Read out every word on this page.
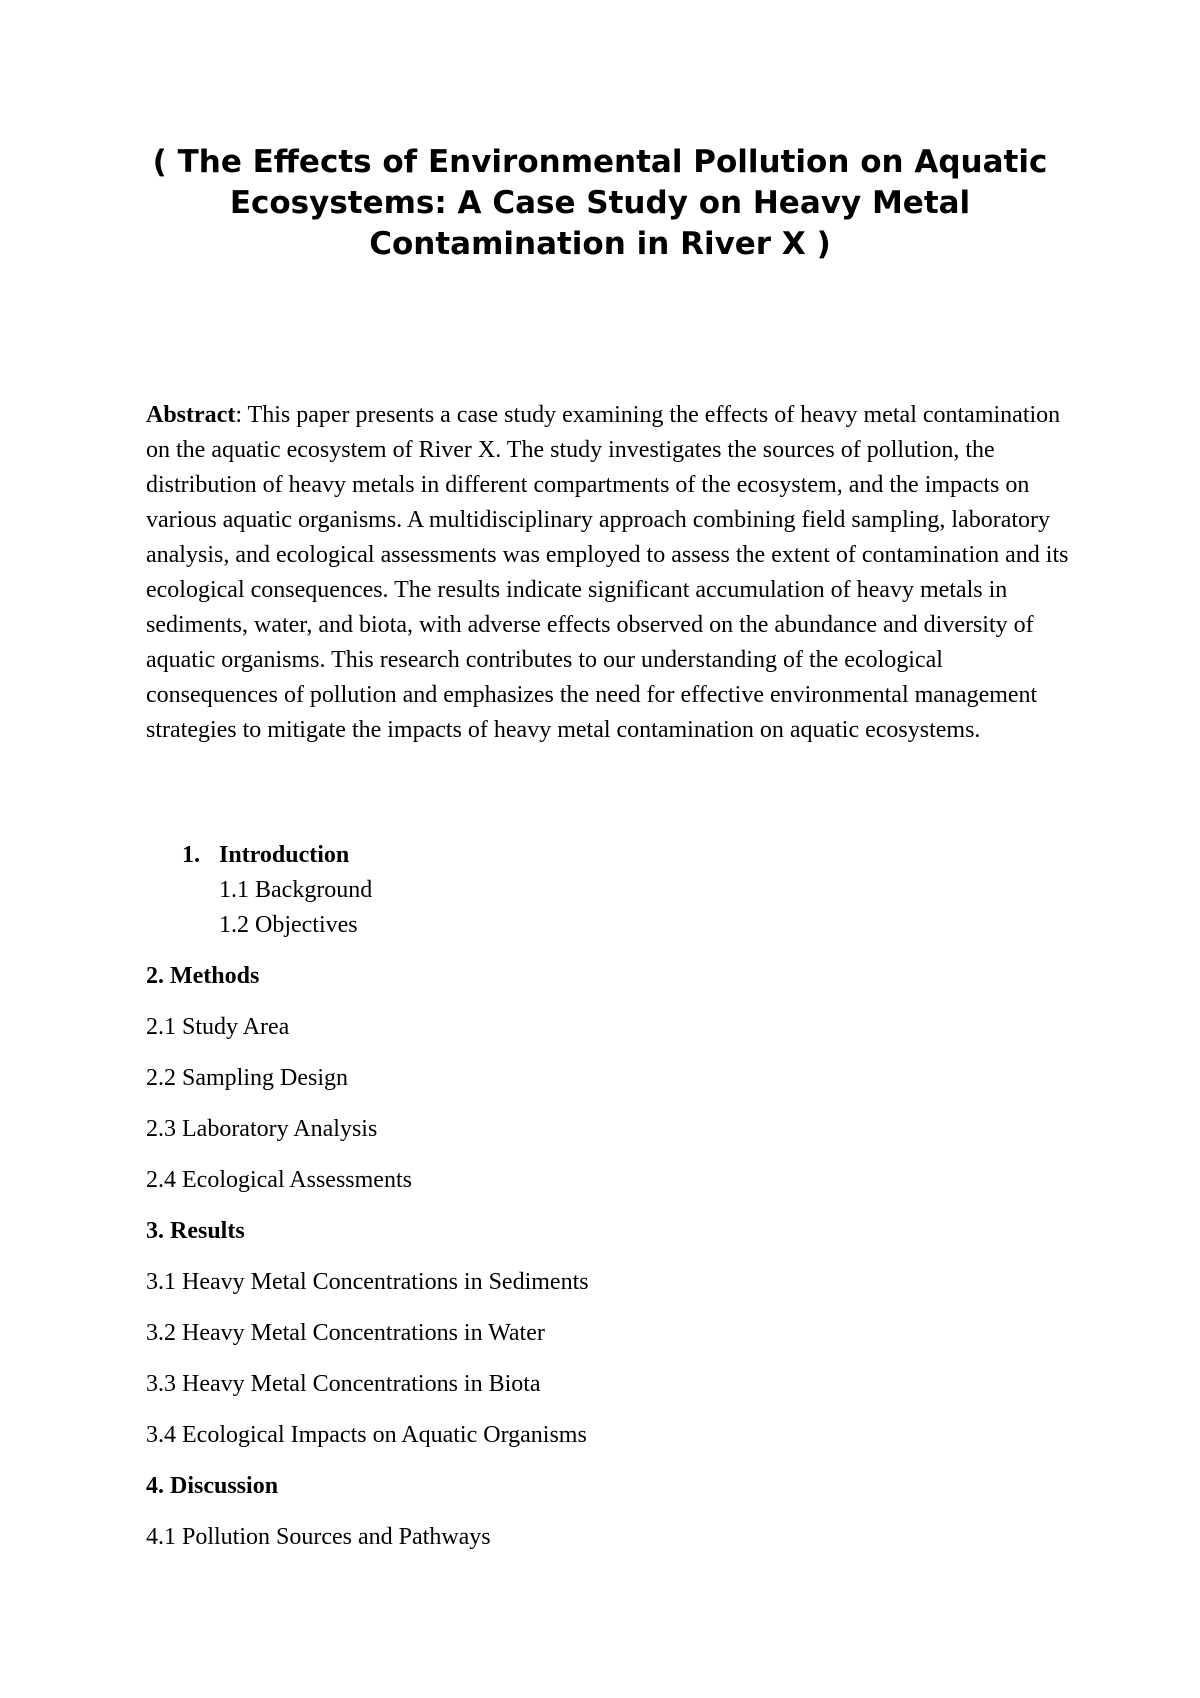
( The Effects of Environmental Pollution on Aquatic Ecosystems: A Case Study on Heavy Metal Contamination in River X )

Abstract: This paper presents a case study examining the effects of heavy metal contamination on the aquatic ecosystem of River X. The study investigates the sources of pollution, the distribution of heavy metals in different compartments of the ecosystem, and the impacts on various aquatic organisms. A multidisciplinary approach combining field sampling, laboratory analysis, and ecological assessments was employed to assess the extent of contamination and its ecological consequences. The results indicate significant accumulation of heavy metals in sediments, water, and biota, with adverse effects observed on the abundance and diversity of aquatic organisms. This research contributes to our understanding of the ecological consequences of pollution and emphasizes the need for effective environmental management strategies to mitigate the impacts of heavy metal contamination on aquatic ecosystems.

1. Introduction
1.1 Background
1.2 Objectives
2. Methods
2.1 Study Area
2.2 Sampling Design
2.3 Laboratory Analysis
2.4 Ecological Assessments
3. Results
3.1 Heavy Metal Concentrations in Sediments
3.2 Heavy Metal Concentrations in Water
3.3 Heavy Metal Concentrations in Biota
3.4 Ecological Impacts on Aquatic Organisms
4. Discussion
4.1 Pollution Sources and Pathways
